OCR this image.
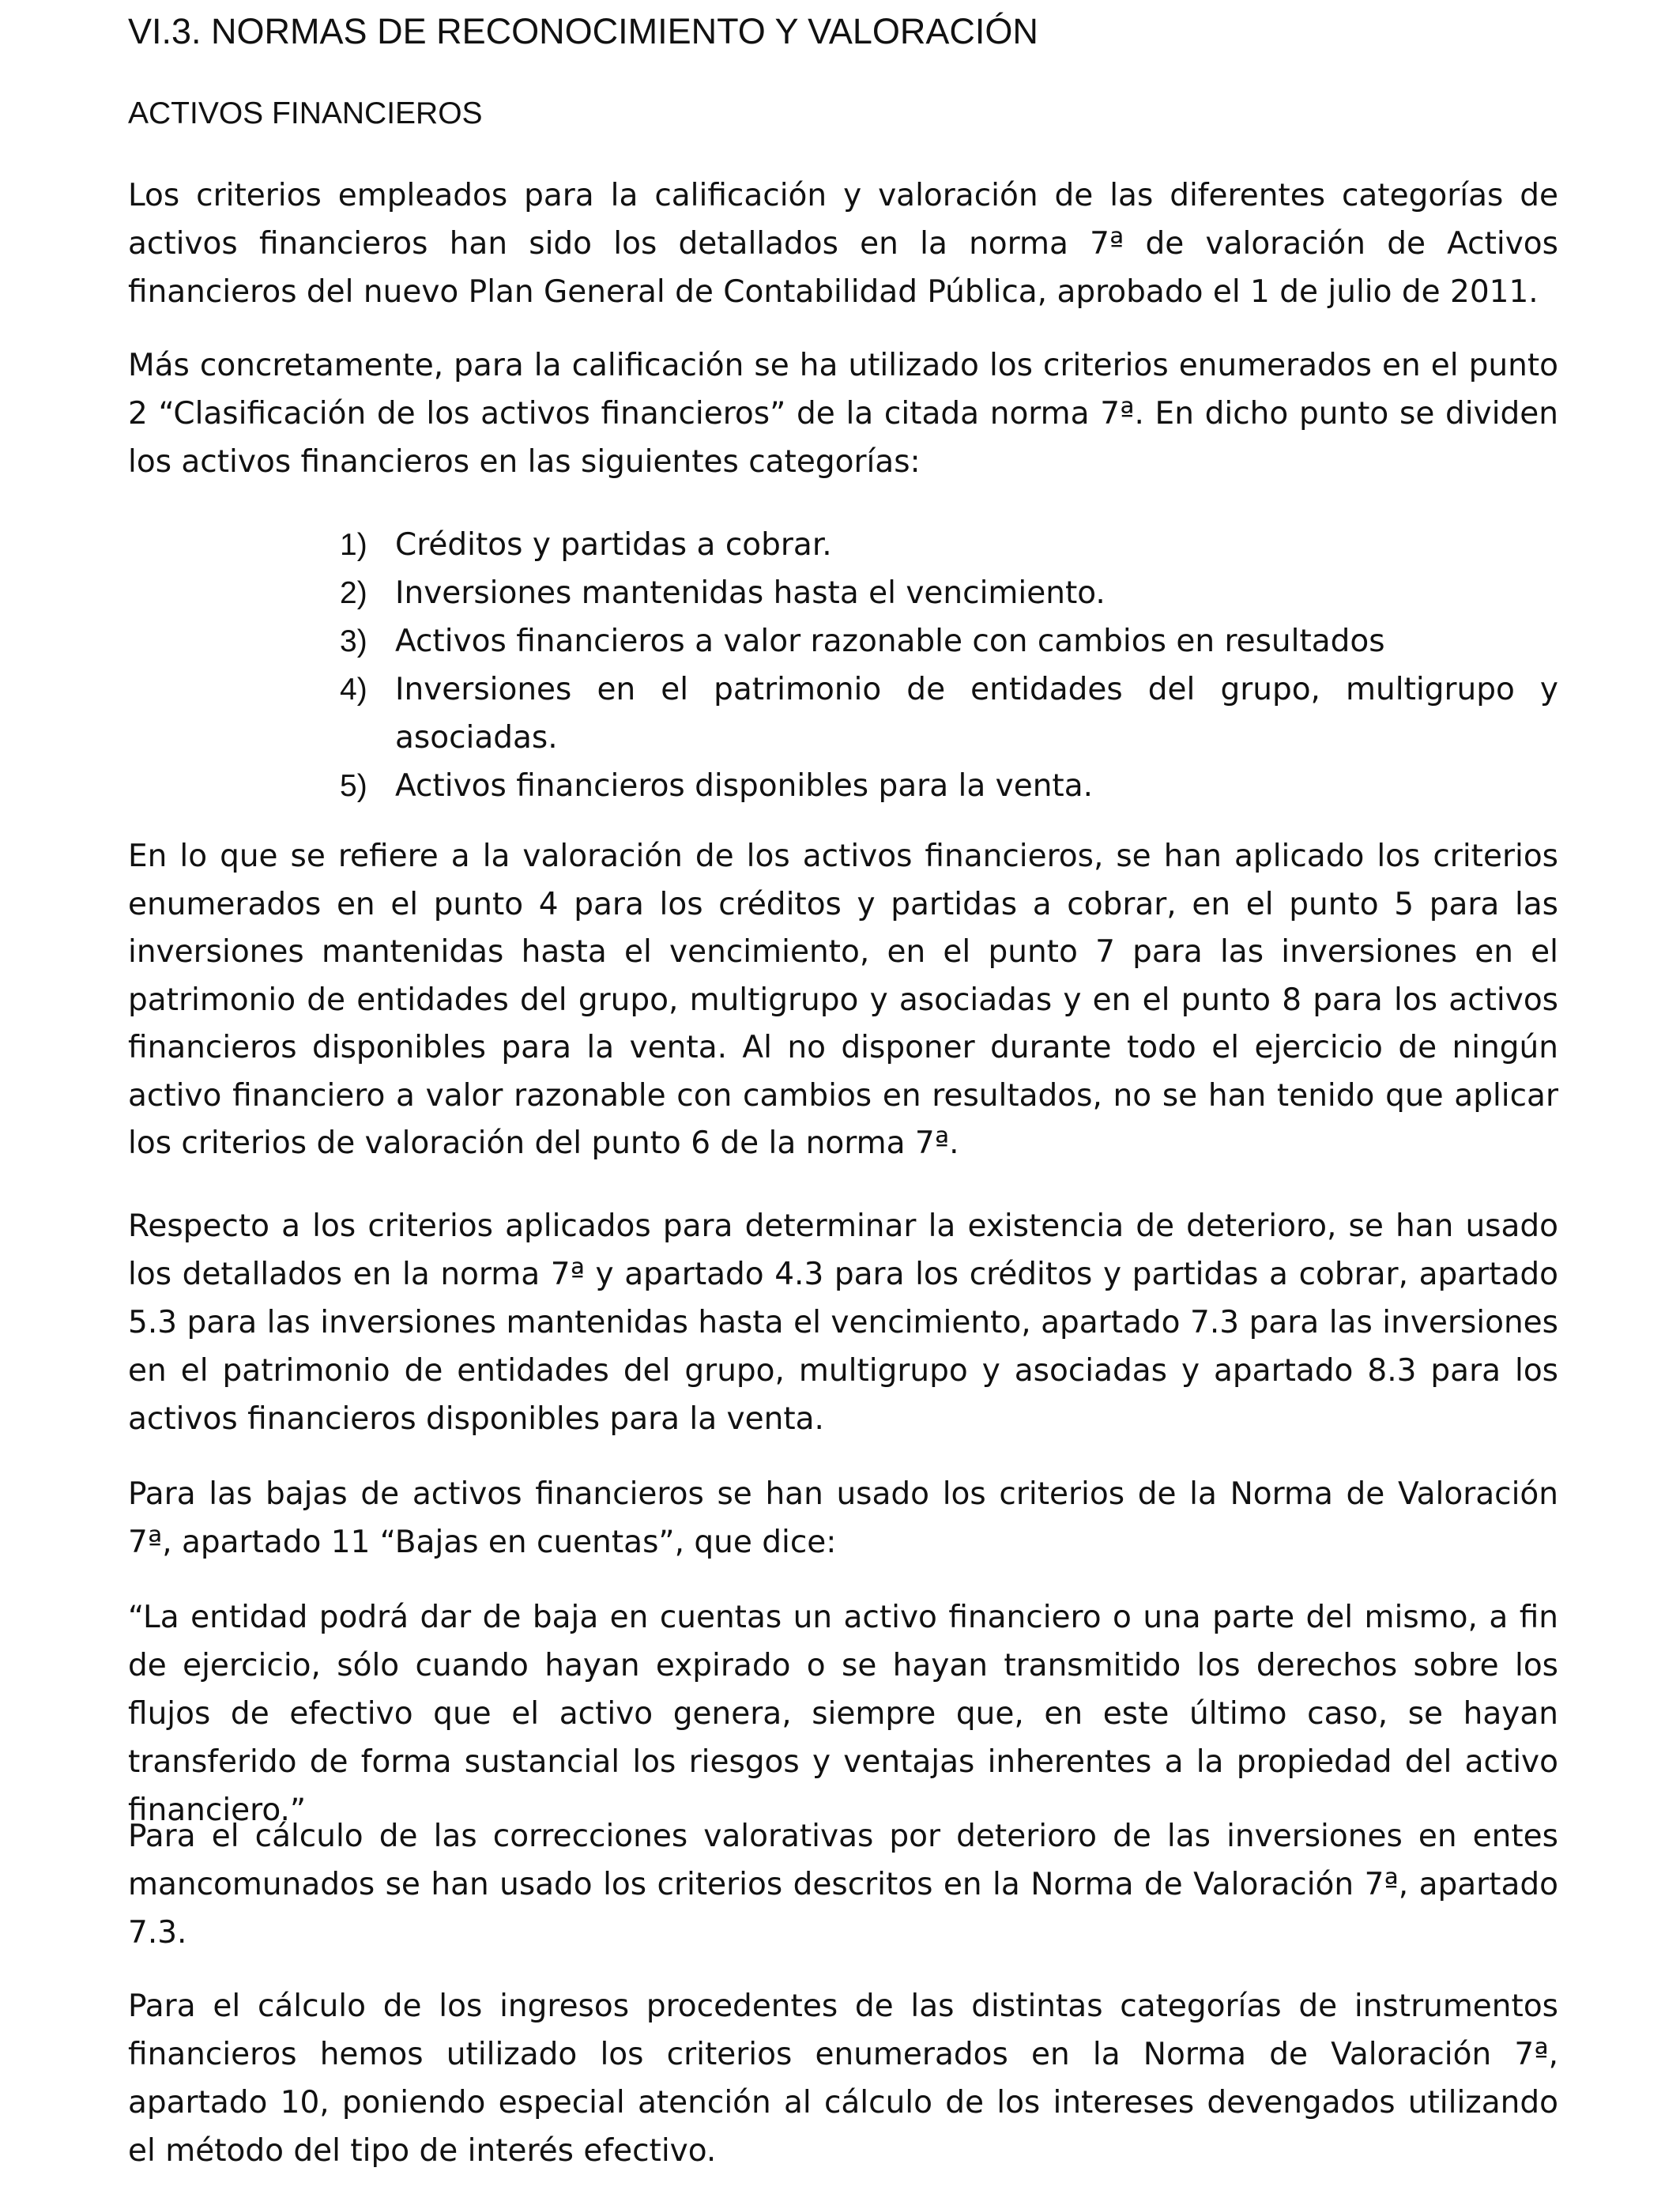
VI.3. NORMAS DE RECONOCIMIENTO Y VALORACIÓN
ACTIVOS FINANCIEROS

Los criterios empleados para la calificación y valoración de las diferentes categorías de activos financieros han sido los detallados en la norma 7ª de valoración de Activos financieros del nuevo Plan General de Contabilidad Pública, aprobado el 1 de julio de 2011.

Más concretamente, para la calificación se ha utilizado los criterios enumerados en el punto 2 “Clasificación de los activos financieros” de la citada norma 7ª. En dicho punto se dividen los activos financieros en las siguientes categorías:

1) Créditos y partidas a cobrar.
2) Inversiones mantenidas hasta el vencimiento.
3) Activos financieros a valor razonable con cambios en resultados
4) Inversiones en el patrimonio de entidades del grupo, multigrupo y asociadas.
5) Activos financieros disponibles para la venta.

En lo que se refiere a la valoración de los activos financieros, se han aplicado los criterios enumerados en el punto 4 para los créditos y partidas a cobrar, en el punto 5 para las inversiones mantenidas hasta el vencimiento, en el punto 7 para las inversiones en el patrimonio de entidades del grupo, multigrupo y asociadas y en el punto 8 para los activos financieros disponibles para la venta. Al no disponer durante todo el ejercicio de ningún activo financiero a valor razonable con cambios en resultados, no se han tenido que aplicar los criterios de valoración del punto 6 de la norma 7ª.

Respecto a los criterios aplicados para determinar la existencia de deterioro, se han usado los detallados en la norma 7ª y apartado 4.3 para los créditos y partidas a cobrar, apartado 5.3 para las inversiones mantenidas hasta el vencimiento, apartado 7.3 para las inversiones en el patrimonio de entidades del grupo, multigrupo y asociadas y apartado 8.3 para los activos financieros disponibles para la venta.

Para las bajas de activos financieros se han usado los criterios de la Norma de Valoración 7ª, apartado 11 “Bajas en cuentas”, que dice:

“La entidad podrá dar de baja en cuentas un activo financiero o una parte del mismo, a fin de ejercicio, sólo cuando hayan expirado o se hayan transmitido los derechos sobre los flujos de efectivo que el activo genera, siempre que, en este último caso, se hayan transferido de forma sustancial los riesgos y ventajas inherentes a la propiedad del activo financiero.”

Para el cálculo de las correcciones valorativas por deterioro de las inversiones en entes mancomunados se han usado los criterios descritos en la Norma de Valoración 7ª, apartado 7.3.

Para el cálculo de los ingresos procedentes de las distintas categorías de instrumentos financieros hemos utilizado los criterios enumerados en la Norma de Valoración 7ª, apartado 10, poniendo especial atención al cálculo de los intereses devengados utilizando el método del tipo de interés efectivo.
